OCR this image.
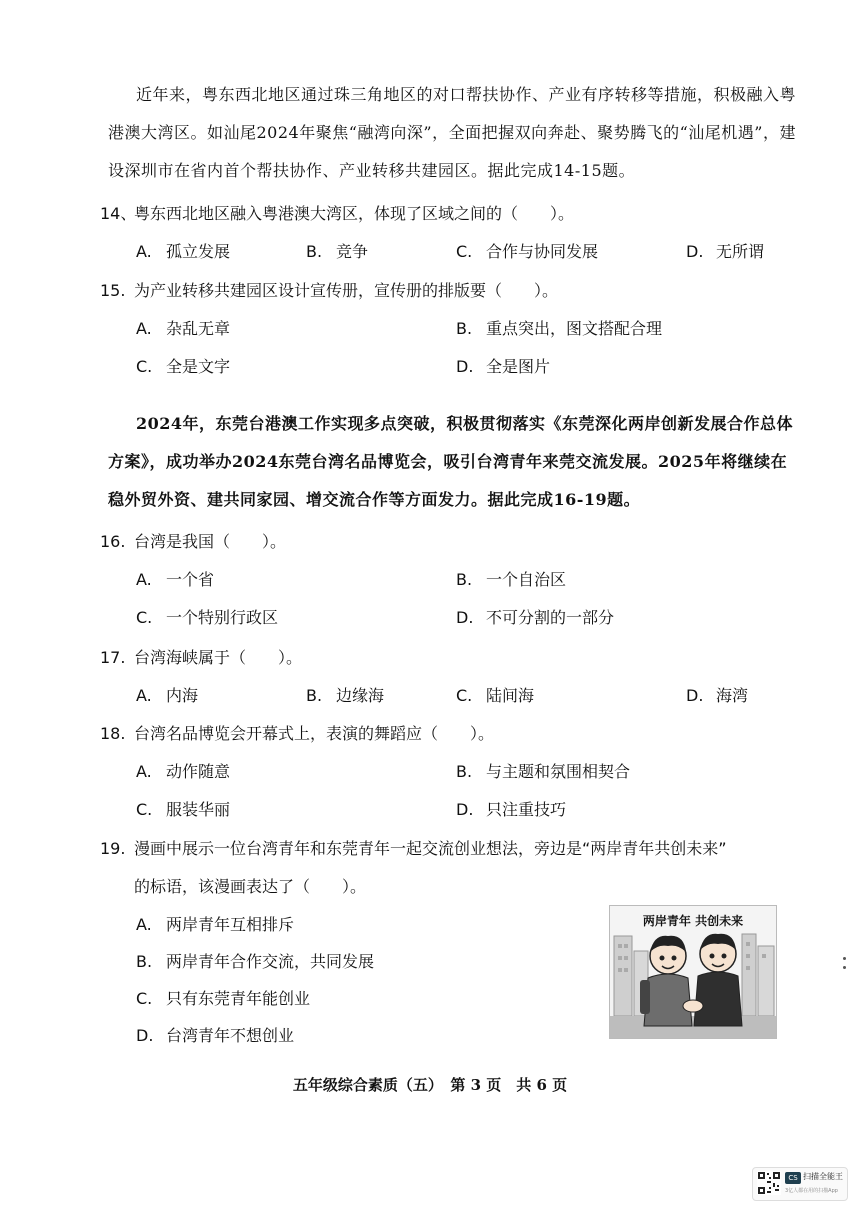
近年来，粤东西北地区通过珠三角地区的对口帮扶协作、产业有序转移等措施，积极融入粤港澳大湾区。如汕尾2024年聚焦“融湾向深”，全面把握双向奔赴、聚势腾飞的“汕尾机遇”，建设深圳市在省内首个帮扶协作、产业转移共建园区。据此完成14-15题。
14、粤东西北地区融入粤港澳大湾区，体现了区域之间的（　　）。
A. 孤立发展	B. 竞争	C. 合作与协同发展	D. 无所谓
15. 为产业转移共建园区设计宣传册，宣传册的排版要（　　）。
A. 杂乱无章	B. 重点突出，图文搭配合理
C. 全是文字	D. 全是图片
2024年，东莞台港澳工作实现多点突破，积极贯彻落实《东莞深化两岸创新发展合作总体方案》，成功举办2024东莞台湾名品博览会，吸引台湾青年来莞交流发展。2025年将继续在稳外贸外资、建共同家园、增交流合作等方面发力。据此完成16-19题。
16. 台湾是我国（　　）。
A. 一个省	B. 一个自治区
C. 一个特别行政区	D. 不可分割的一部分
17. 台湾海峡属于（　　）。
A. 内海	B. 边缘海	C. 陆间海	D. 海湾
18. 台湾名品博览会开幕式上，表演的舞蹈应（　　）。
A. 动作随意	B. 与主题和氛围相契合
C. 服装华丽	D. 只注重技巧
19. 漫画中展示一位台湾青年和东莞青年一起交流创业想法，旁边是“两岸青年共创未来”
的标语，该漫画表达了（　　）。
A. 两岸青年互相排斥
B. 两岸青年合作交流，共同发展
C. 只有东莞青年能创业
D. 台湾青年不想创业
两岸青年 共创未来
五年级综合素质（五）　第 3 页　共 6 页
CS 扫描全能王
3亿人都在用的扫描App
